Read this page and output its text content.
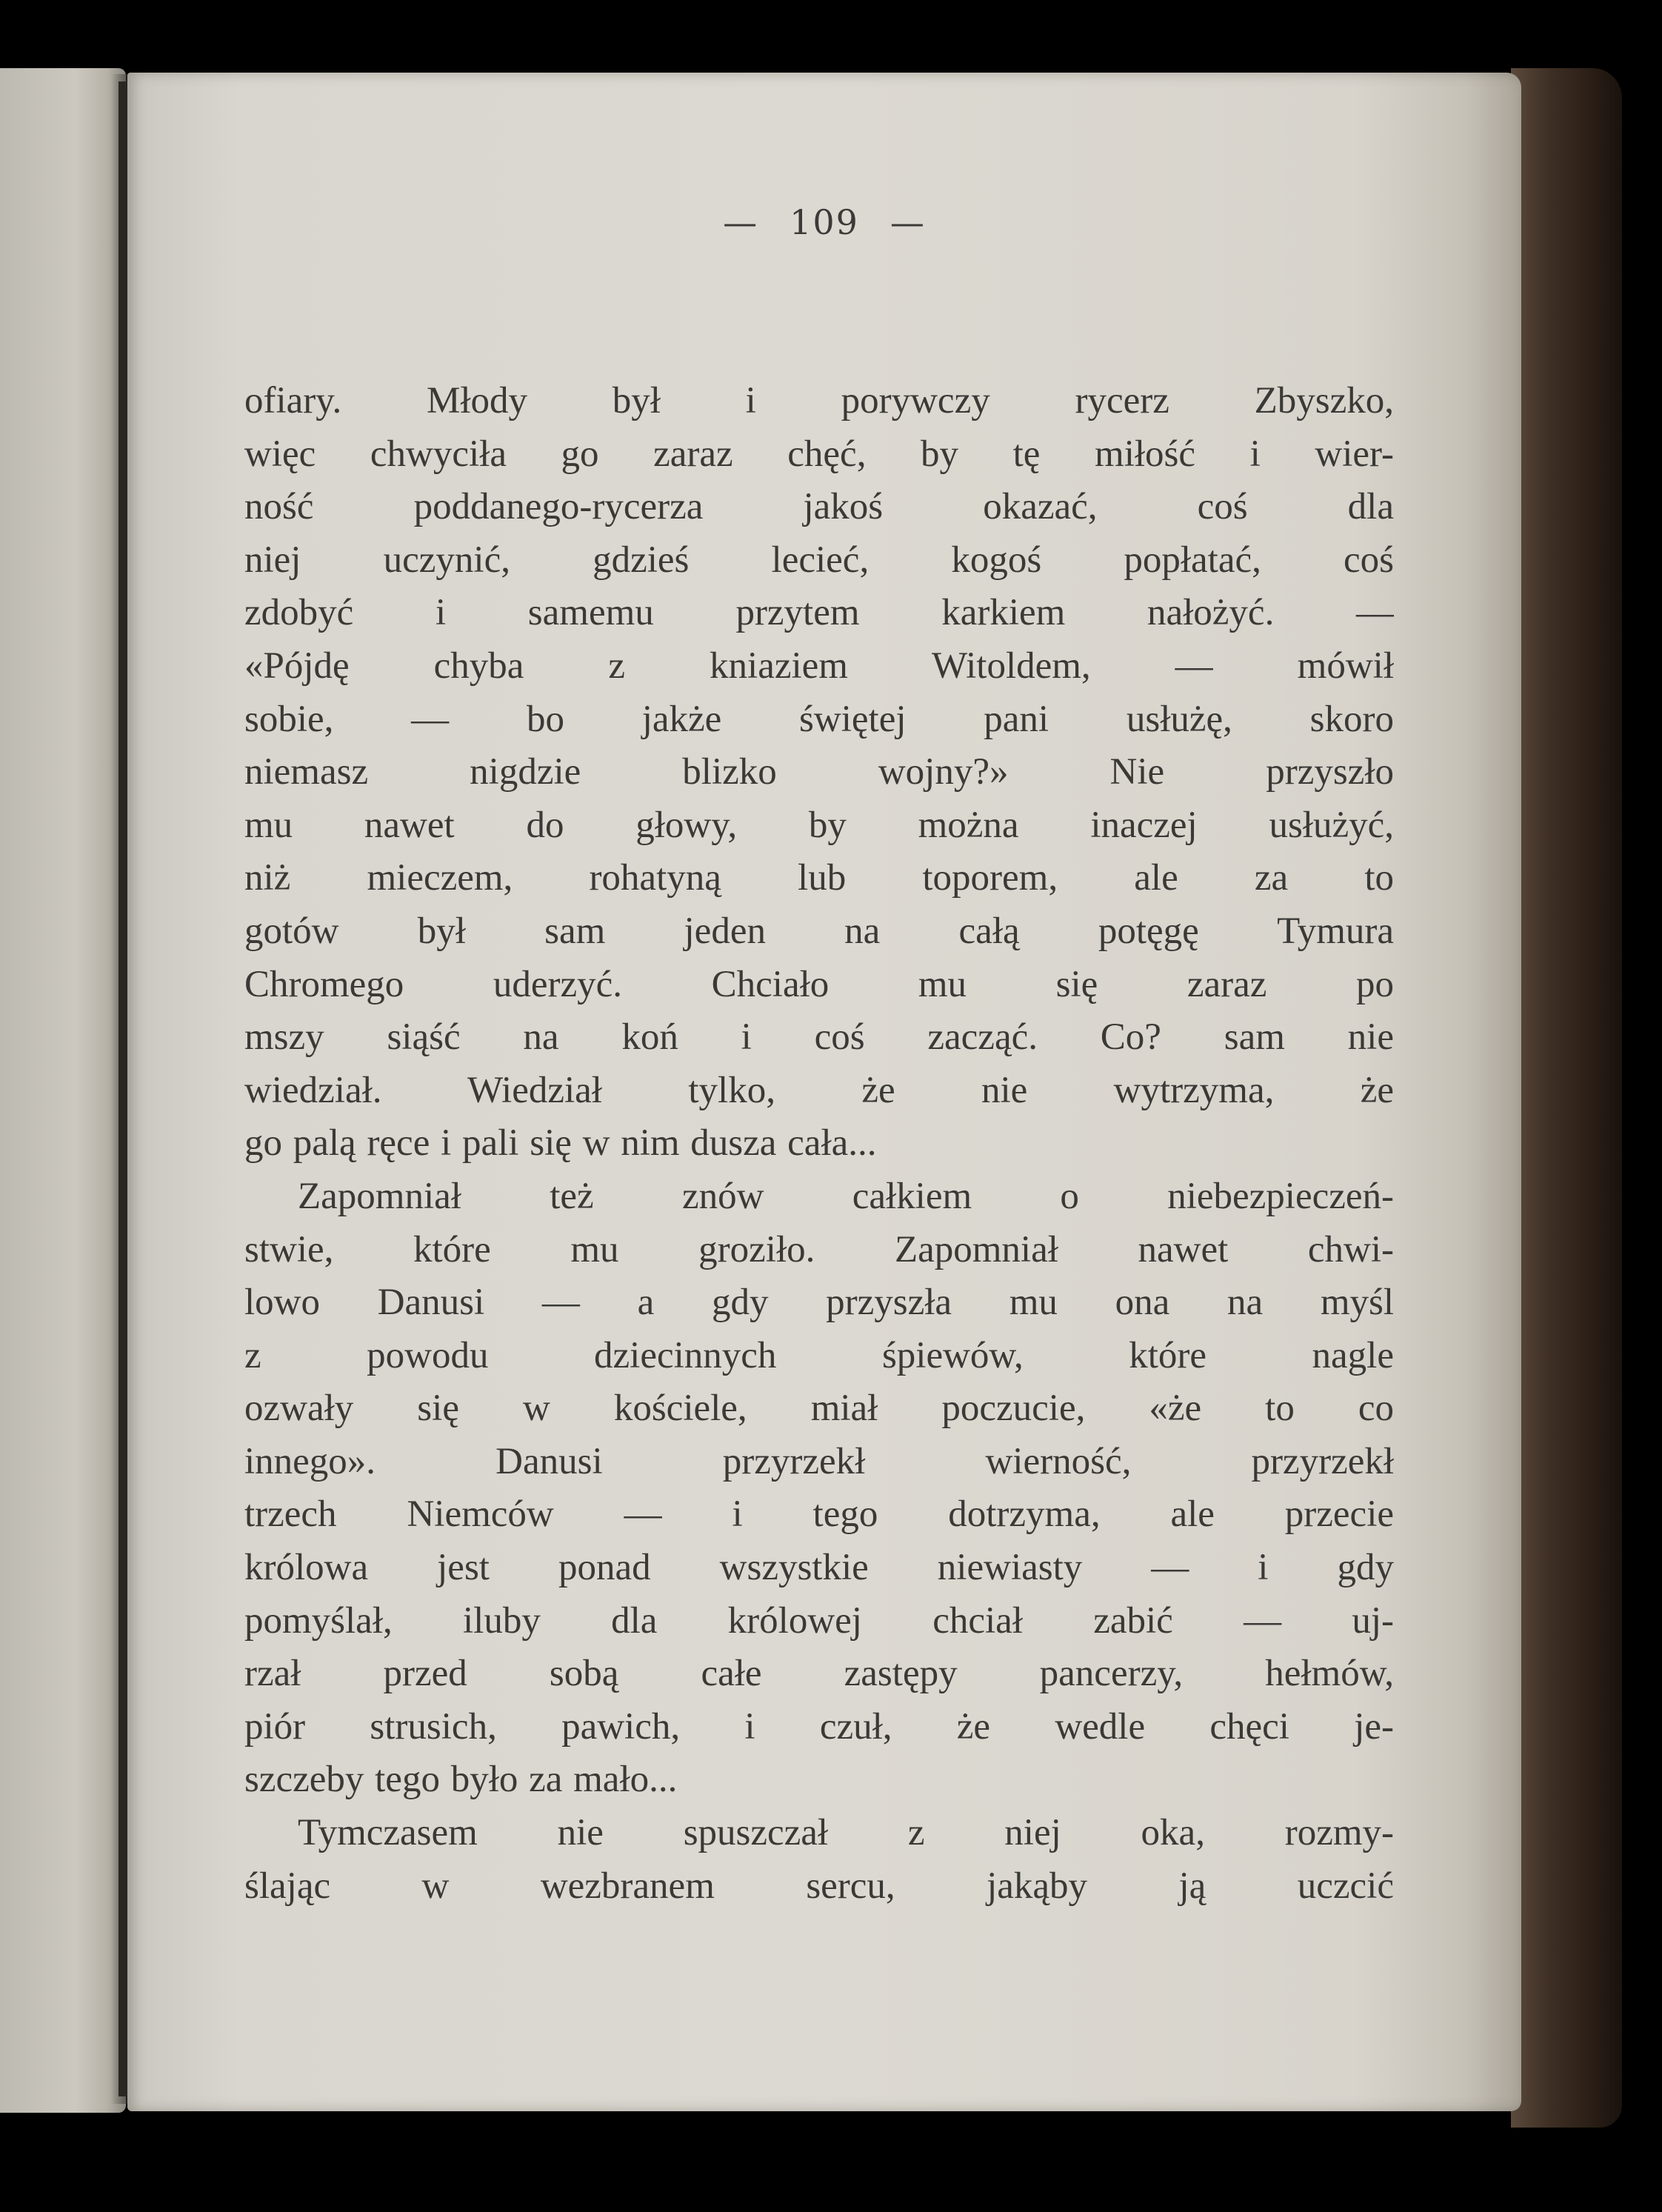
— 109 —
ofiary. Młody był i porywczy rycerz Zbyszko,
więc chwyciła go zaraz chęć, by tę miłość i wier-
ność poddanego-rycerza jakoś okazać, coś dla
niej uczynić, gdzieś lecieć, kogoś popłatać, coś
zdobyć i samemu przytem karkiem nałożyć. —
«Pójdę chyba z kniaziem Witoldem, — mówił
sobie, — bo jakże świętej pani usłużę, skoro
niemasz nigdzie blizko wojny?» Nie przyszło
mu nawet do głowy, by można inaczej usłużyć,
niż mieczem, rohatyną lub toporem, ale za to
gotów był sam jeden na całą potęgę Tymura
Chromego uderzyć. Chciało mu się zaraz po
mszy siąść na koń i coś zacząć. Co? sam nie
wiedział. Wiedział tylko, że nie wytrzyma, że
go palą ręce i pali się w nim dusza cała...
Zapomniał też znów całkiem o niebezpieczeń-
stwie, które mu groziło. Zapomniał nawet chwi-
lowo Danusi — a gdy przyszła mu ona na myśl
z powodu dziecinnych śpiewów, które nagle
ozwały się w kościele, miał poczucie, «że to co
innego». Danusi przyrzekł wierność, przyrzekł
trzech Niemców — i tego dotrzyma, ale przecie
królowa jest ponad wszystkie niewiasty — i gdy
pomyślał, iluby dla królowej chciał zabić — uj-
rzał przed sobą całe zastępy pancerzy, hełmów,
piór strusich, pawich, i czuł, że wedle chęci je-
szczeby tego było za mało...
Tymczasem nie spuszczał z niej oka, rozmy-
ślając w wezbranem sercu, jakąby ją uczcić
